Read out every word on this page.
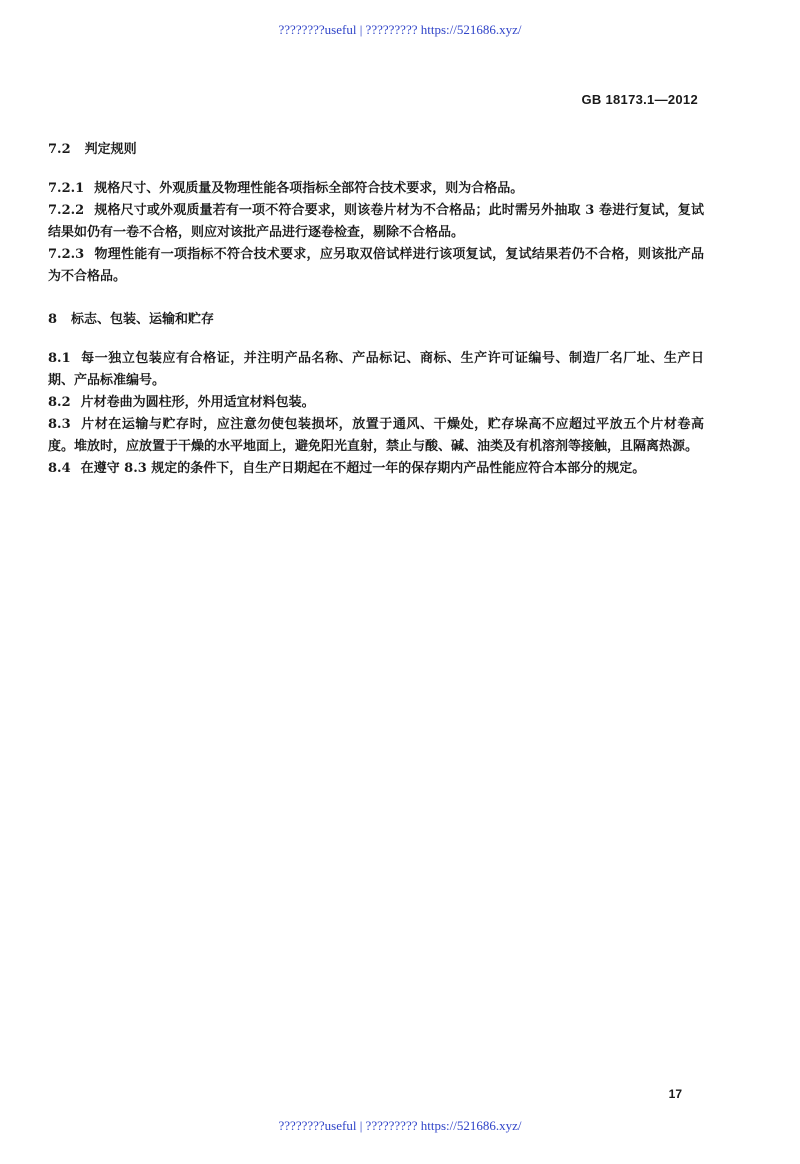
????????useful | ????????? https://521686.xyz/
GB 18173.1—2012
7.2 判定规则

7.2.1 规格尺寸、外观质量及物理性能各项指标全部符合技术要求，则为合格品。

7.2.2 规格尺寸或外观质量若有一项不符合要求，则该卷片材为不合格品；此时需另外抽取 3 卷进行复试，复试结果如仍有一卷不合格，则应对该批产品进行逐卷检查，剔除不合格品。

7.2.3 物理性能有一项指标不符合技术要求，应另取双倍试样进行该项复试，复试结果若仍不合格，则该批产品为不合格品。

8 标志、包装、运输和贮存

8.1 每一独立包装应有合格证，并注明产品名称、产品标记、商标、生产许可证编号、制造厂名厂址、生产日期、产品标准编号。

8.2 片材卷曲为圆柱形，外用适宜材料包装。

8.3 片材在运输与贮存时，应注意勿使包装损坏，放置于通风、干燥处，贮存垛高不应超过平放五个片材卷高度。堆放时，应放置于干燥的水平地面上，避免阳光直射，禁止与酸、碱、油类及有机溶剂等接触，且隔离热源。

8.4 在遵守 8.3 规定的条件下，自生产日期起在不超过一年的保存期内产品性能应符合本部分的规定。

17
????????useful | ????????? https://521686.xyz/
